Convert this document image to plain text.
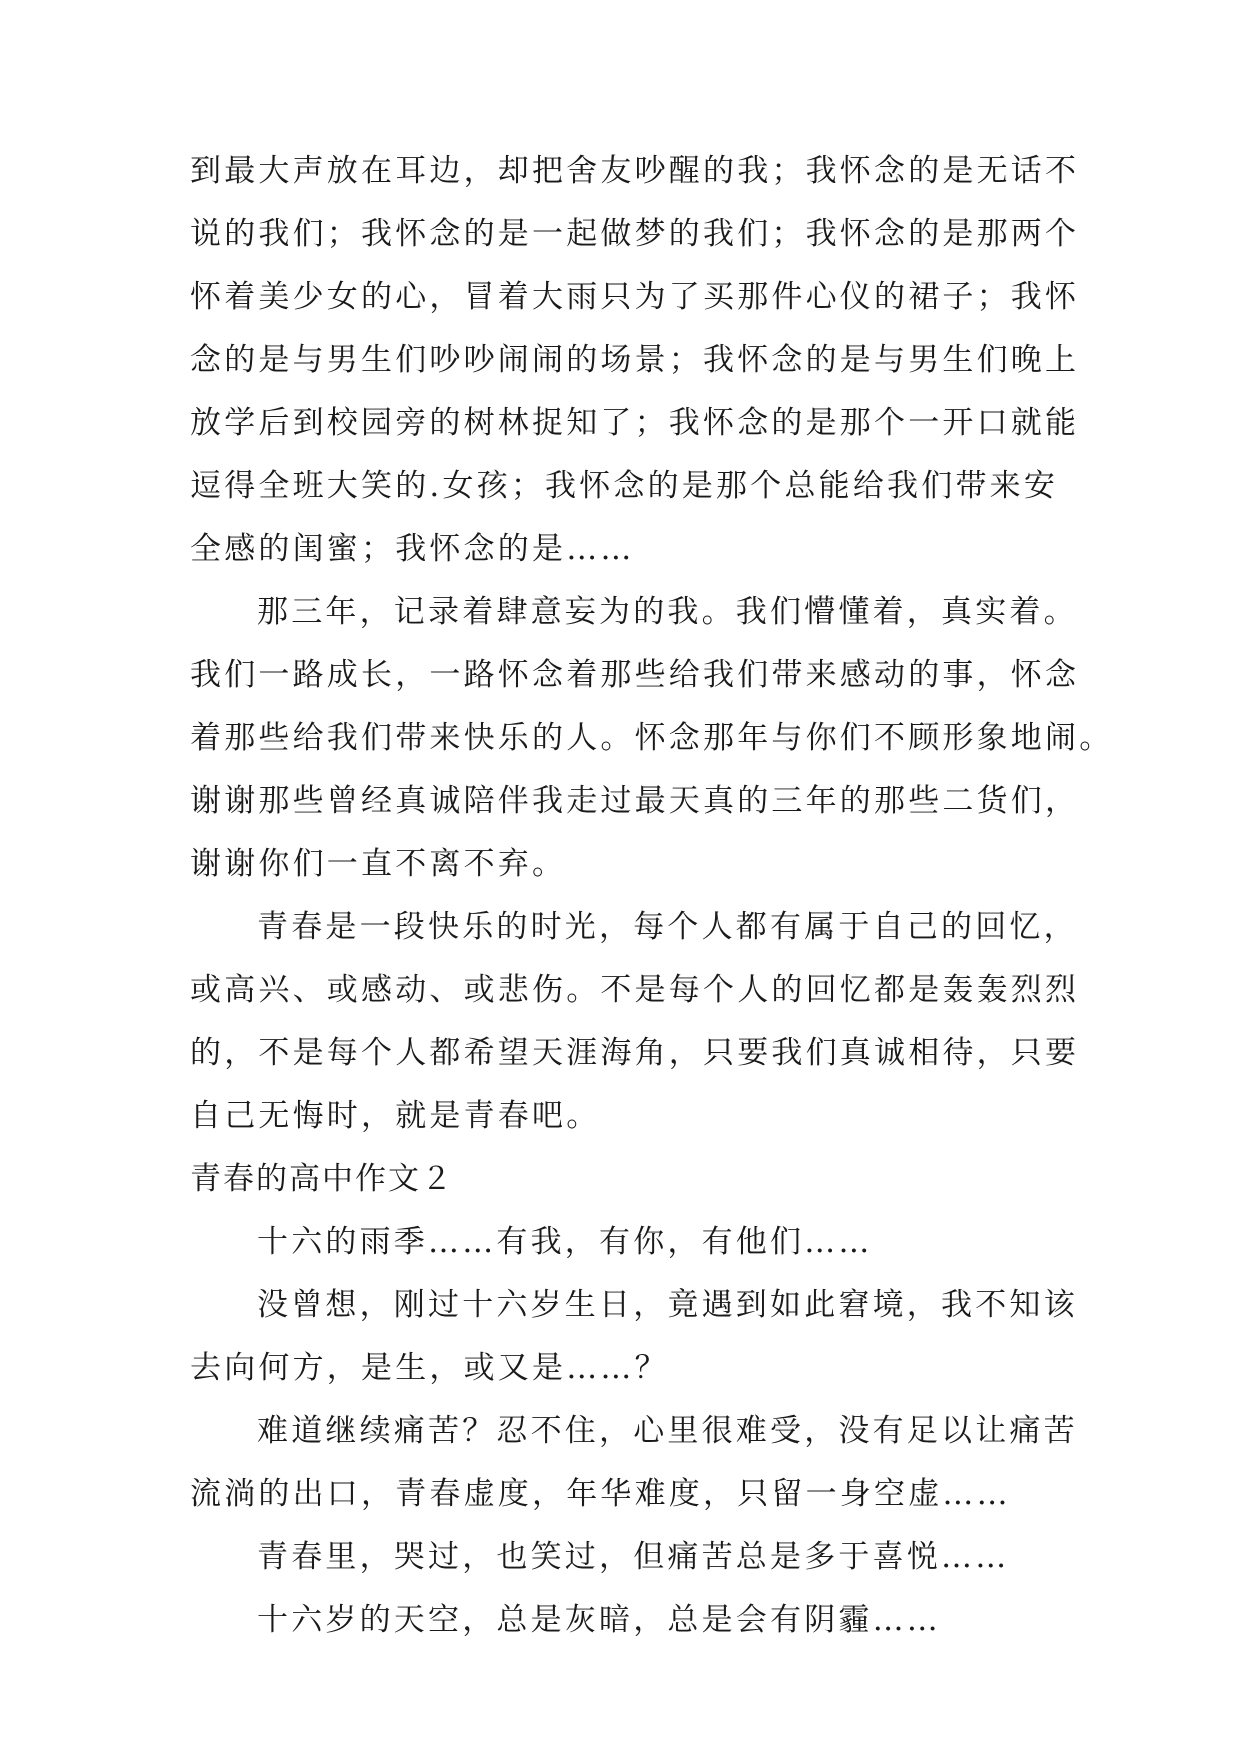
到最大声放在耳边，却把舍友吵醒的我；我怀念的是无话不
说的我们；我怀念的是一起做梦的我们；我怀念的是那两个
怀着美少女的心，冒着大雨只为了买那件心仪的裙子；我怀
念的是与男生们吵吵闹闹的场景；我怀念的是与男生们晚上
放学后到校园旁的树林捉知了；我怀念的是那个一开口就能
逗得全班大笑的.女孩；我怀念的是那个总能给我们带来安
全感的闺蜜；我怀念的是……
那三年，记录着肆意妄为的我。我们懵懂着，真实着。
我们一路成长，一路怀念着那些给我们带来感动的事，怀念
着那些给我们带来快乐的人。怀念那年与你们不顾形象地闹。
谢谢那些曾经真诚陪伴我走过最天真的三年的那些二货们，
谢谢你们一直不离不弃。
青春是一段快乐的时光，每个人都有属于自己的回忆，
或高兴、或感动、或悲伤。不是每个人的回忆都是轰轰烈烈
的，不是每个人都希望天涯海角，只要我们真诚相待，只要
自己无悔时，就是青春吧。
青春的高中作文２
十六的雨季……有我，有你，有他们……
没曾想，刚过十六岁生日，竟遇到如此窘境，我不知该
去向何方，是生，或又是……？
难道继续痛苦？忍不住，心里很难受，没有足以让痛苦
流淌的出口，青春虚度，年华难度，只留一身空虚……
青春里，哭过，也笑过，但痛苦总是多于喜悦……
十六岁的天空，总是灰暗，总是会有阴霾……
